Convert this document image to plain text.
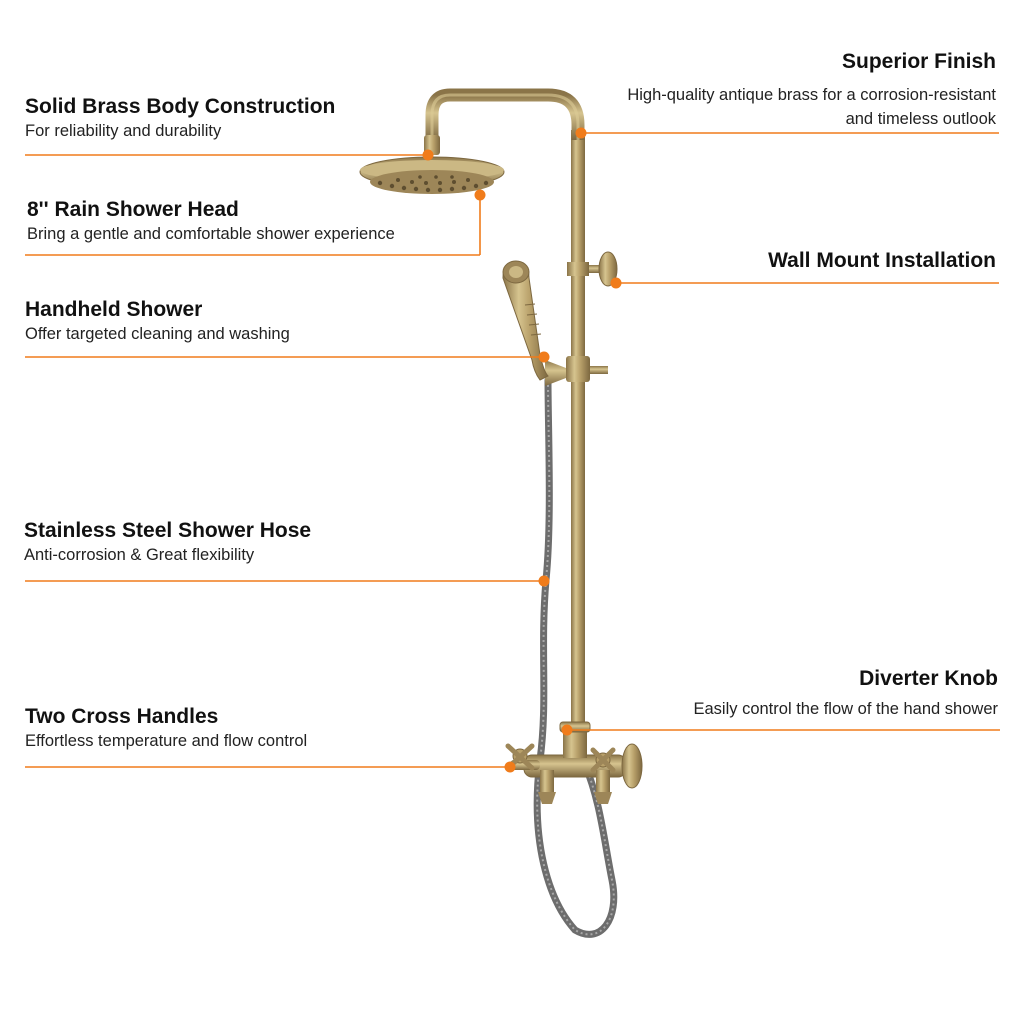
Solid Brass Body Construction
For reliability and durability
8'' Rain Shower Head
Bring a gentle and comfortable shower experience
Handheld Shower
Offer targeted cleaning and washing
Stainless Steel Shower Hose
Anti-corrosion & Great flexibility
Two Cross Handles
Effortless temperature and flow control
Superior Finish
High-quality antique brass for a corrosion-resistant
and timeless outlook
Wall Mount Installation
Diverter Knob
Easily control the flow of the hand shower
